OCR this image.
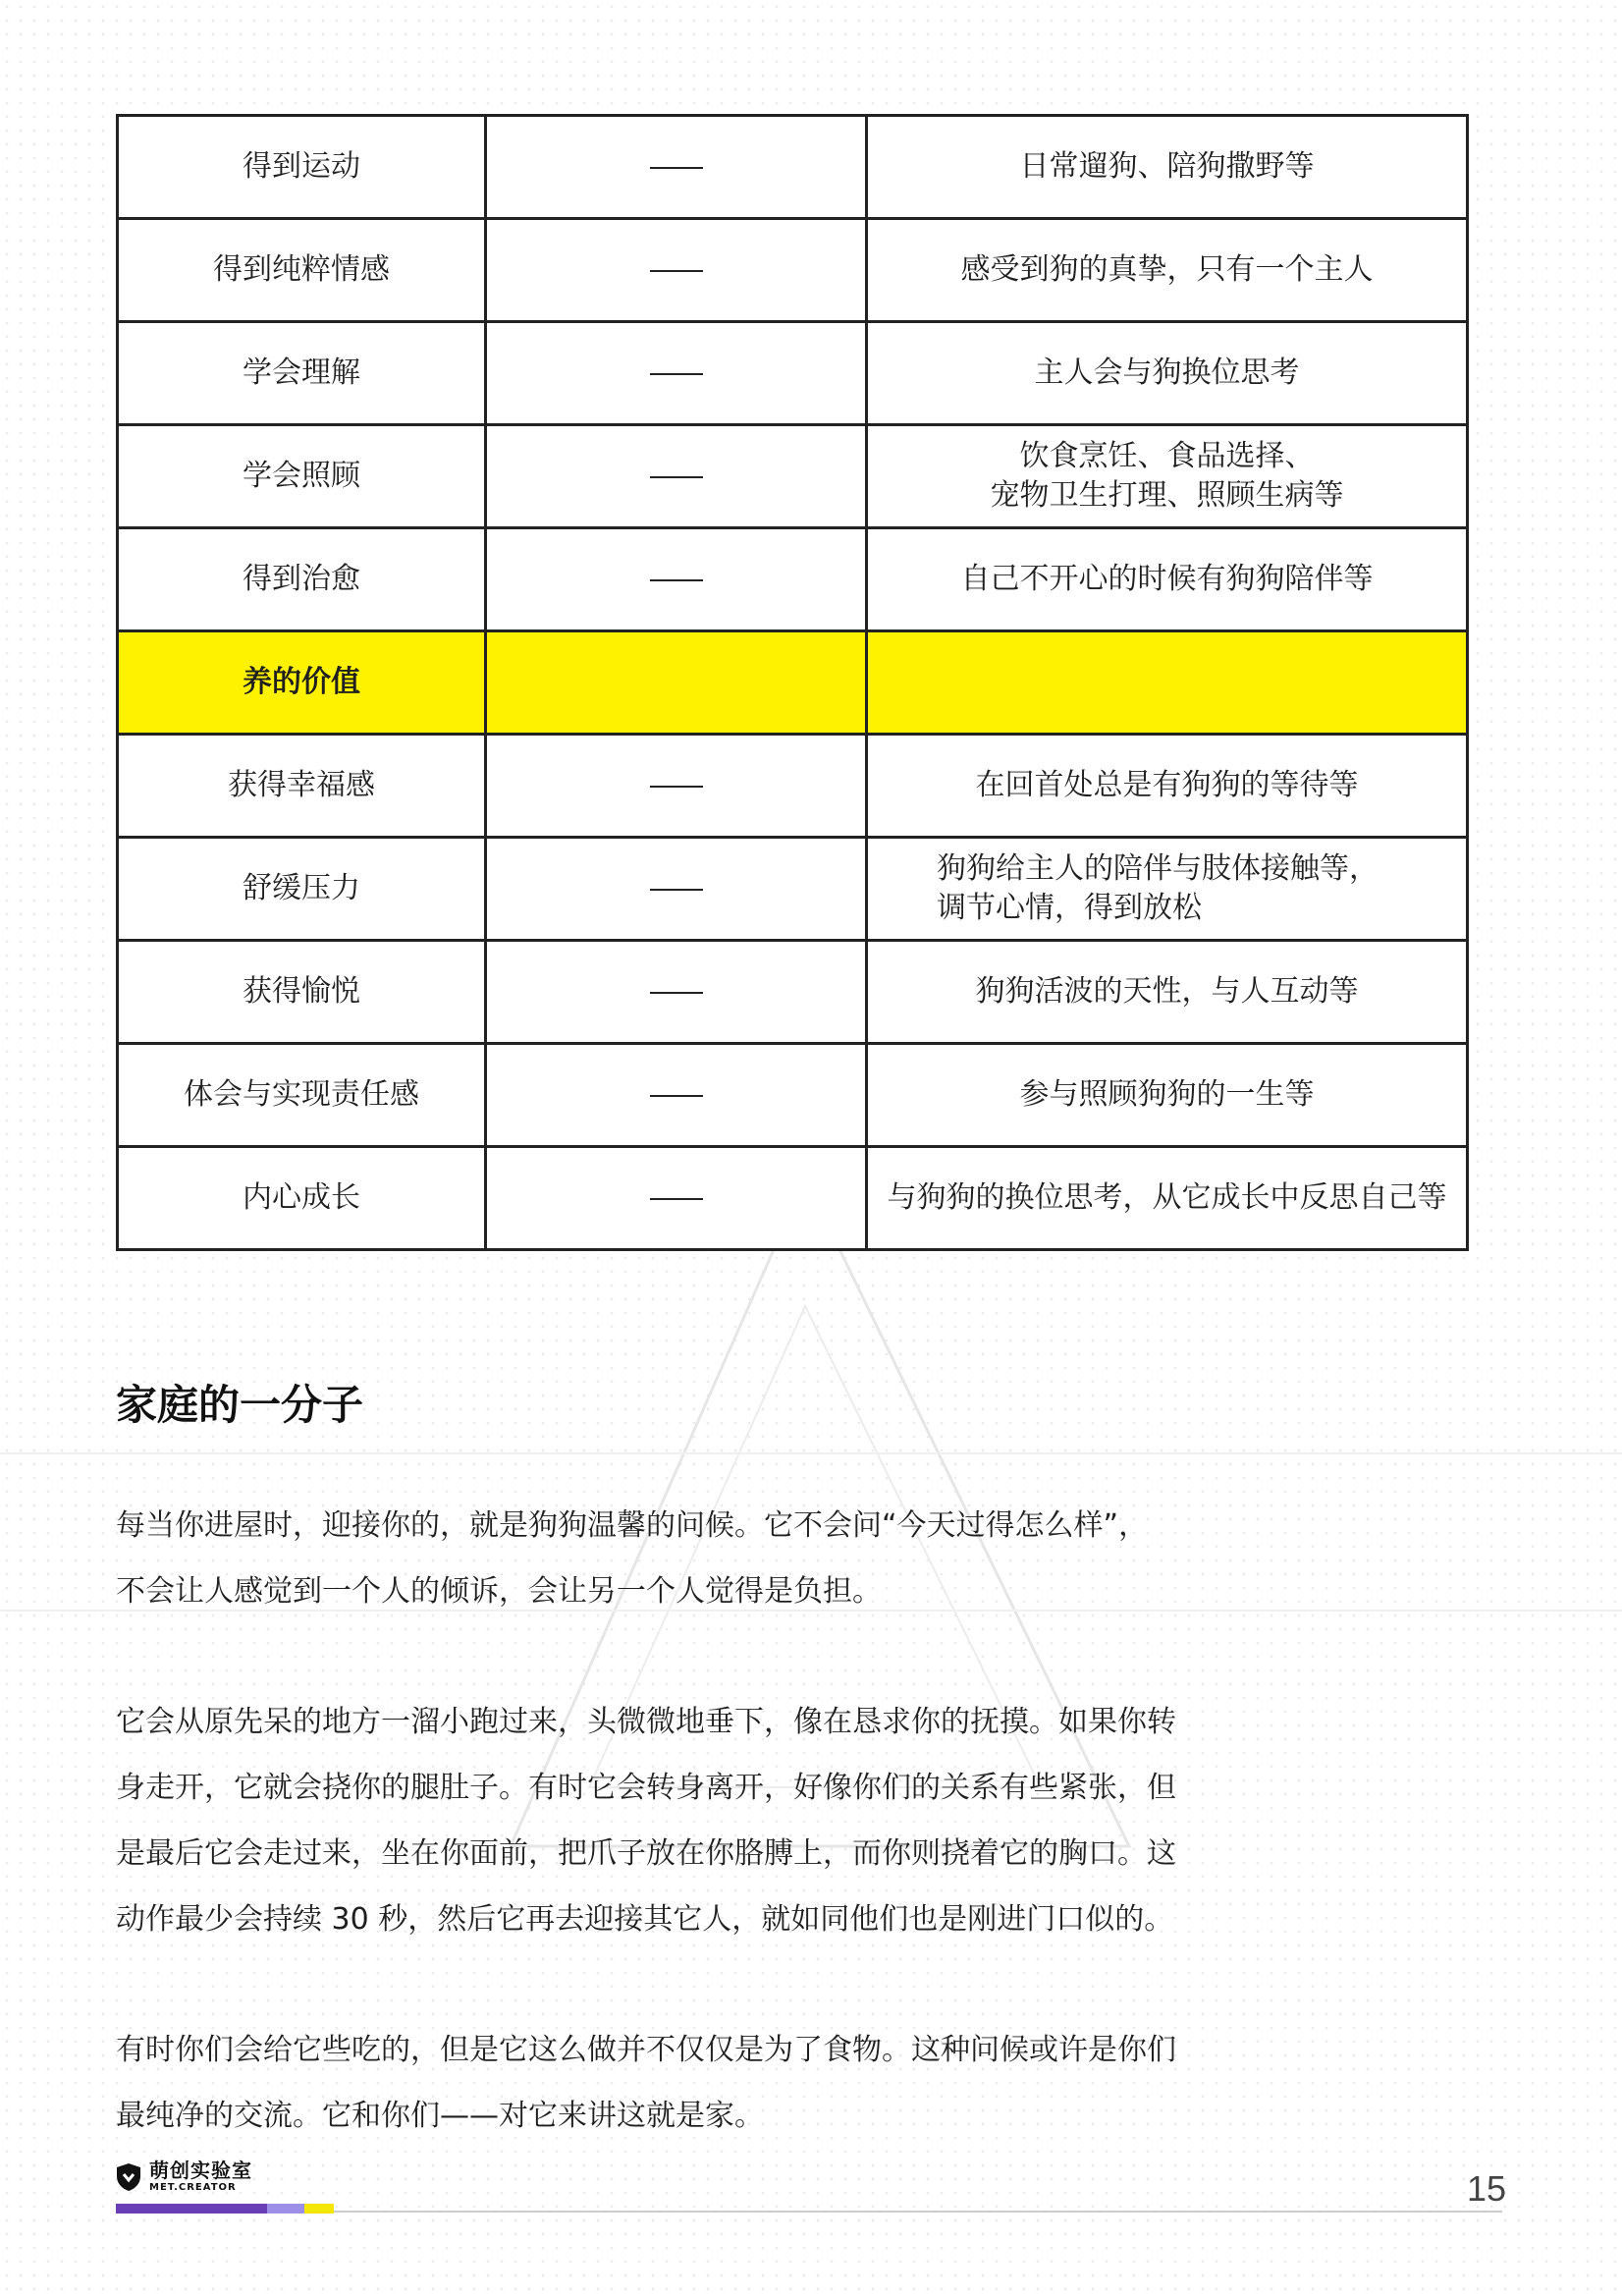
得到运动		日常遛狗、陪狗撒野等
得到纯粹情感		感受到狗的真挚，只有一个主人
学会理解		主人会与狗换位思考
学会照顾		饮食烹饪、食品选择、
宠物卫生打理、照顾生病等

得到治愈		自己不开心的时候有狗狗陪伴等
养的价值		
获得幸福感		在回首处总是有狗狗的等待等
舒缓压力		狗狗给主人的陪伴与肢体接触等，
调节心情，得到放松

获得愉悦		狗狗活波的天性，与人互动等
体会与实现责任感		参与照顾狗狗的一生等
内心成长		与狗狗的换位思考，从它成长中反思自己等
家庭的一分子

每当你进屋时，迎接你的，就是狗狗温馨的问候。它不会问“今天过得怎么样”，
不会让人感觉到一个人的倾诉，会让另一个人觉得是负担。

它会从原先呆的地方一溜小跑过来，头微微地垂下，像在恳求你的抚摸。如果你转
身走开，它就会挠你的腿肚子。有时它会转身离开，好像你们的关系有些紧张，但
是最后它会走过来，坐在你面前，把爪子放在你胳膊上，而你则挠着它的胸口。这
动作最少会持续 30 秒，然后它再去迎接其它人，就如同他们也是刚进门口似的。

有时你们会给它些吃的，但是它这么做并不仅仅是为了食物。这种问候或许是你们
最纯净的交流。它和你们——对它来讲这就是家。

萌创实验室
MET.CREATOR	15
